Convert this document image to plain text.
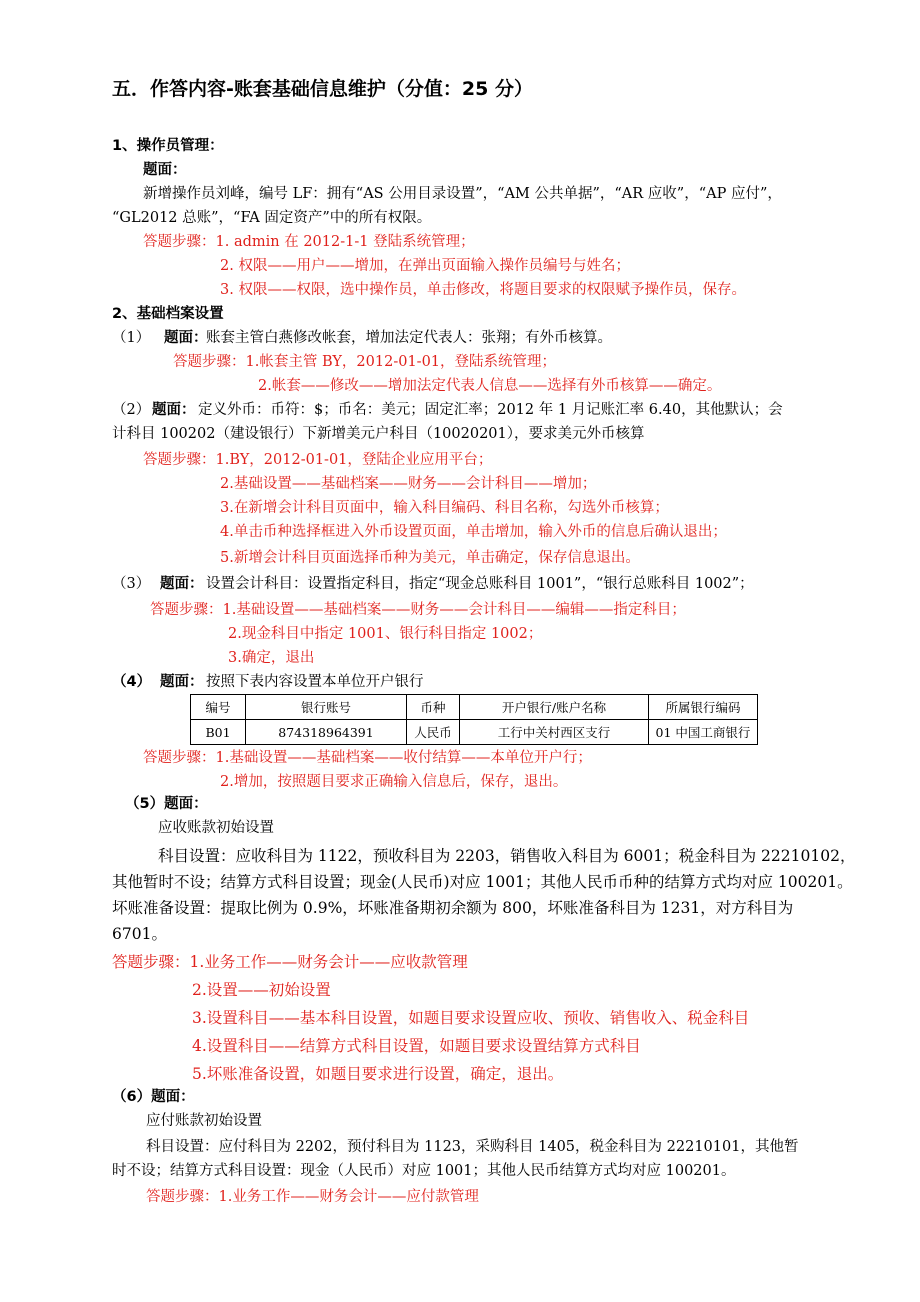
五．作答内容-账套基础信息维护（分值：25 分）
1、操作员管理：
题面：
新增操作员刘峰，编号 LF：拥有“AS 公用目录设置”，“AM 公共单据”，“AR 应收”，“AP 应付”，
“GL2012 总账”，“FA 固定资产”中的所有权限。
答题步骤：1. admin 在 2012-1-1 登陆系统管理；
2. 权限——用户——增加，在弹出页面输入操作员编号与姓名；
3. 权限——权限，选中操作员，单击修改，将题目要求的权限赋予操作员，保存。
2、基础档案设置
（1） 题面：
账套主管白燕修改帐套，增加法定代表人：张翔；有外币核算。
答题步骤：1.帐套主管 BY，2012-01-01，登陆系统管理；
2.帐套——修改——增加法定代表人信息——选择有外币核算——确定。
（2） 题面： 定义外币：币符：$；币名：美元；固定汇率；2012 年 1 月记账汇率 6.40，其他默认；会
计科目 100202（建设银行）下新增美元户科目（10020201），要求美元外币核算
答题步骤：1.BY，2012-01-01，登陆企业应用平台；
2.基础设置——基础档案——财务——会计科目——增加；
3.在新增会计科目页面中，输入科目编码、科目名称，勾选外币核算；
4.单击币种选择框进入外币设置页面，单击增加，输入外币的信息后确认退出；
5.新增会计科目页面选择币种为美元，单击确定，保存信息退出。
（3） 题面： 设置会计科目：设置指定科目，指定“现金总账科目 1001”，“银行总账科目 1002”；
答题步骤：1.基础设置——基础档案——财务——会计科目——编辑——指定科目；
2.现金科目中指定 1001、银行科目指定 1002；
3.确定，退出
（4） 题面： 按照下表内容设置本单位开户银行
编号	银行账号	币种	开户银行/账户名称	所属银行编码
B01	874318964391	人民币	工行中关村西区支行	01 中国工商银行
答题步骤：1.基础设置——基础档案——收付结算——本单位开户行；
2.增加，按照题目要求正确输入信息后，保存，退出。
（5）题面：
应收账款初始设置
科目设置：应收科目为 1122，预收科目为 2203，销售收入科目为 6001；税金科目为 22210102，
其他暂时不设；结算方式科目设置；现金(人民币)对应 1001；其他人民币币种的结算方式均对应 100201。
坏账准备设置：提取比例为 0.9%，坏账准备期初余额为 800，坏账准备科目为 1231，对方科目为
6701。
答题步骤：1.业务工作——财务会计——应收款管理
2.设置——初始设置
3.设置科目——基本科目设置，如题目要求设置应收、预收、销售收入、税金科目
4.设置科目——结算方式科目设置，如题目要求设置结算方式科目
5.坏账准备设置，如题目要求进行设置，确定，退出。
（6）题面：
应付账款初始设置
科目设置：应付科目为 2202，预付科目为 1123，采购科目 1405，税金科目为 22210101，其他暂
时不设；结算方式科目设置：现金（人民币）对应 1001；其他人民币结算方式均对应 100201。
答题步骤：1.业务工作——财务会计——应付款管理
